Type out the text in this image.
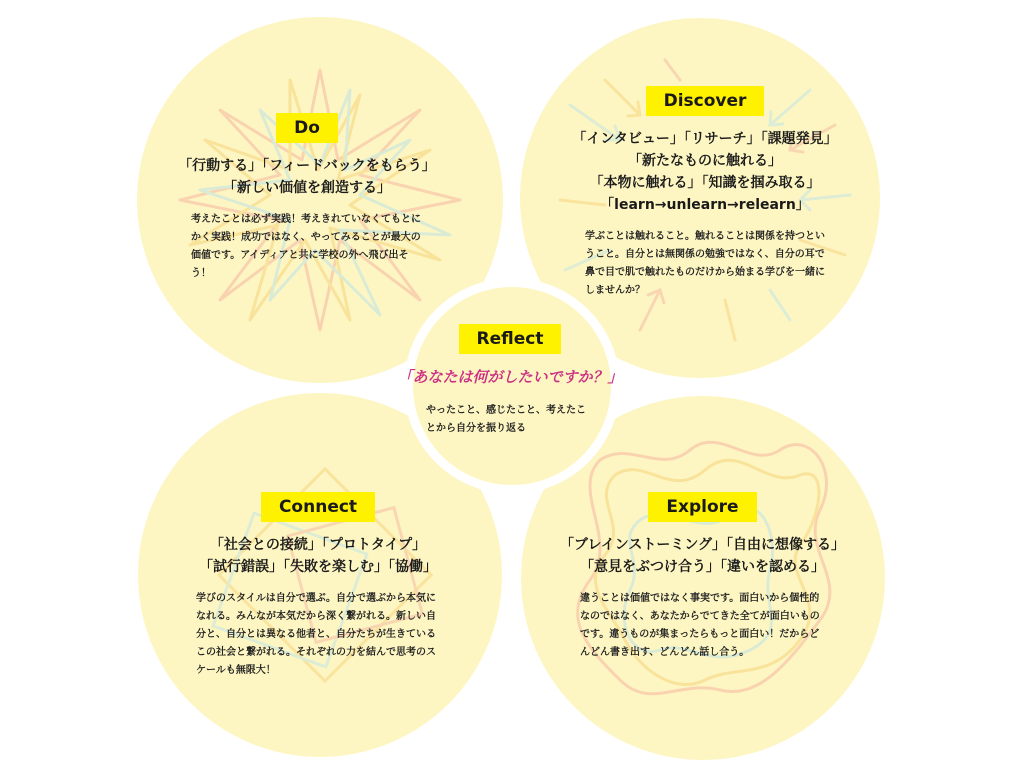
Do
「行動する」「フィードバックをもらう」
「新しい価値を創造する」
考えたことは必ず実践！考えきれていなくてもとにかく実践！成功ではなく、やってみることが最大の価値です。アイディアと共に学校の外へ飛び出そう！
Discover
「インタビュー」「リサーチ」「課題発見」
「新たなものに触れる」
「本物に触れる」「知識を掴み取る」
「learn→unlearn→relearn」
学ぶことは触れること。触れることは関係を持つということ。自分とは無関係の勉強ではなく、自分の耳で鼻で目で肌で触れたものだけから始まる学びを一緒にしませんか？
Reflect
「あなたは何がしたいですか？」
やったこと、感じたこと、考えたことから自分を振り返る
Connect
「社会との接続」「プロトタイプ」
「試行錯誤」「失敗を楽しむ」「協働」
学びのスタイルは自分で選ぶ。自分で選ぶから本気になれる。みんなが本気だから深く繋がれる。新しい自分と、自分とは異なる他者と、自分たちが生きているこの社会と繋がれる。それぞれの力を結んで思考のスケールも無限大！
Explore
「ブレインストーミング」「自由に想像する」
「意見をぶつけ合う」「違いを認める」
違うことは価値ではなく事実です。面白いから個性的なのではなく、あなたからでてきた全てが面白いものです。違うものが集まったらもっと面白い！だからどんどん書き出す、どんどん話し合う。
